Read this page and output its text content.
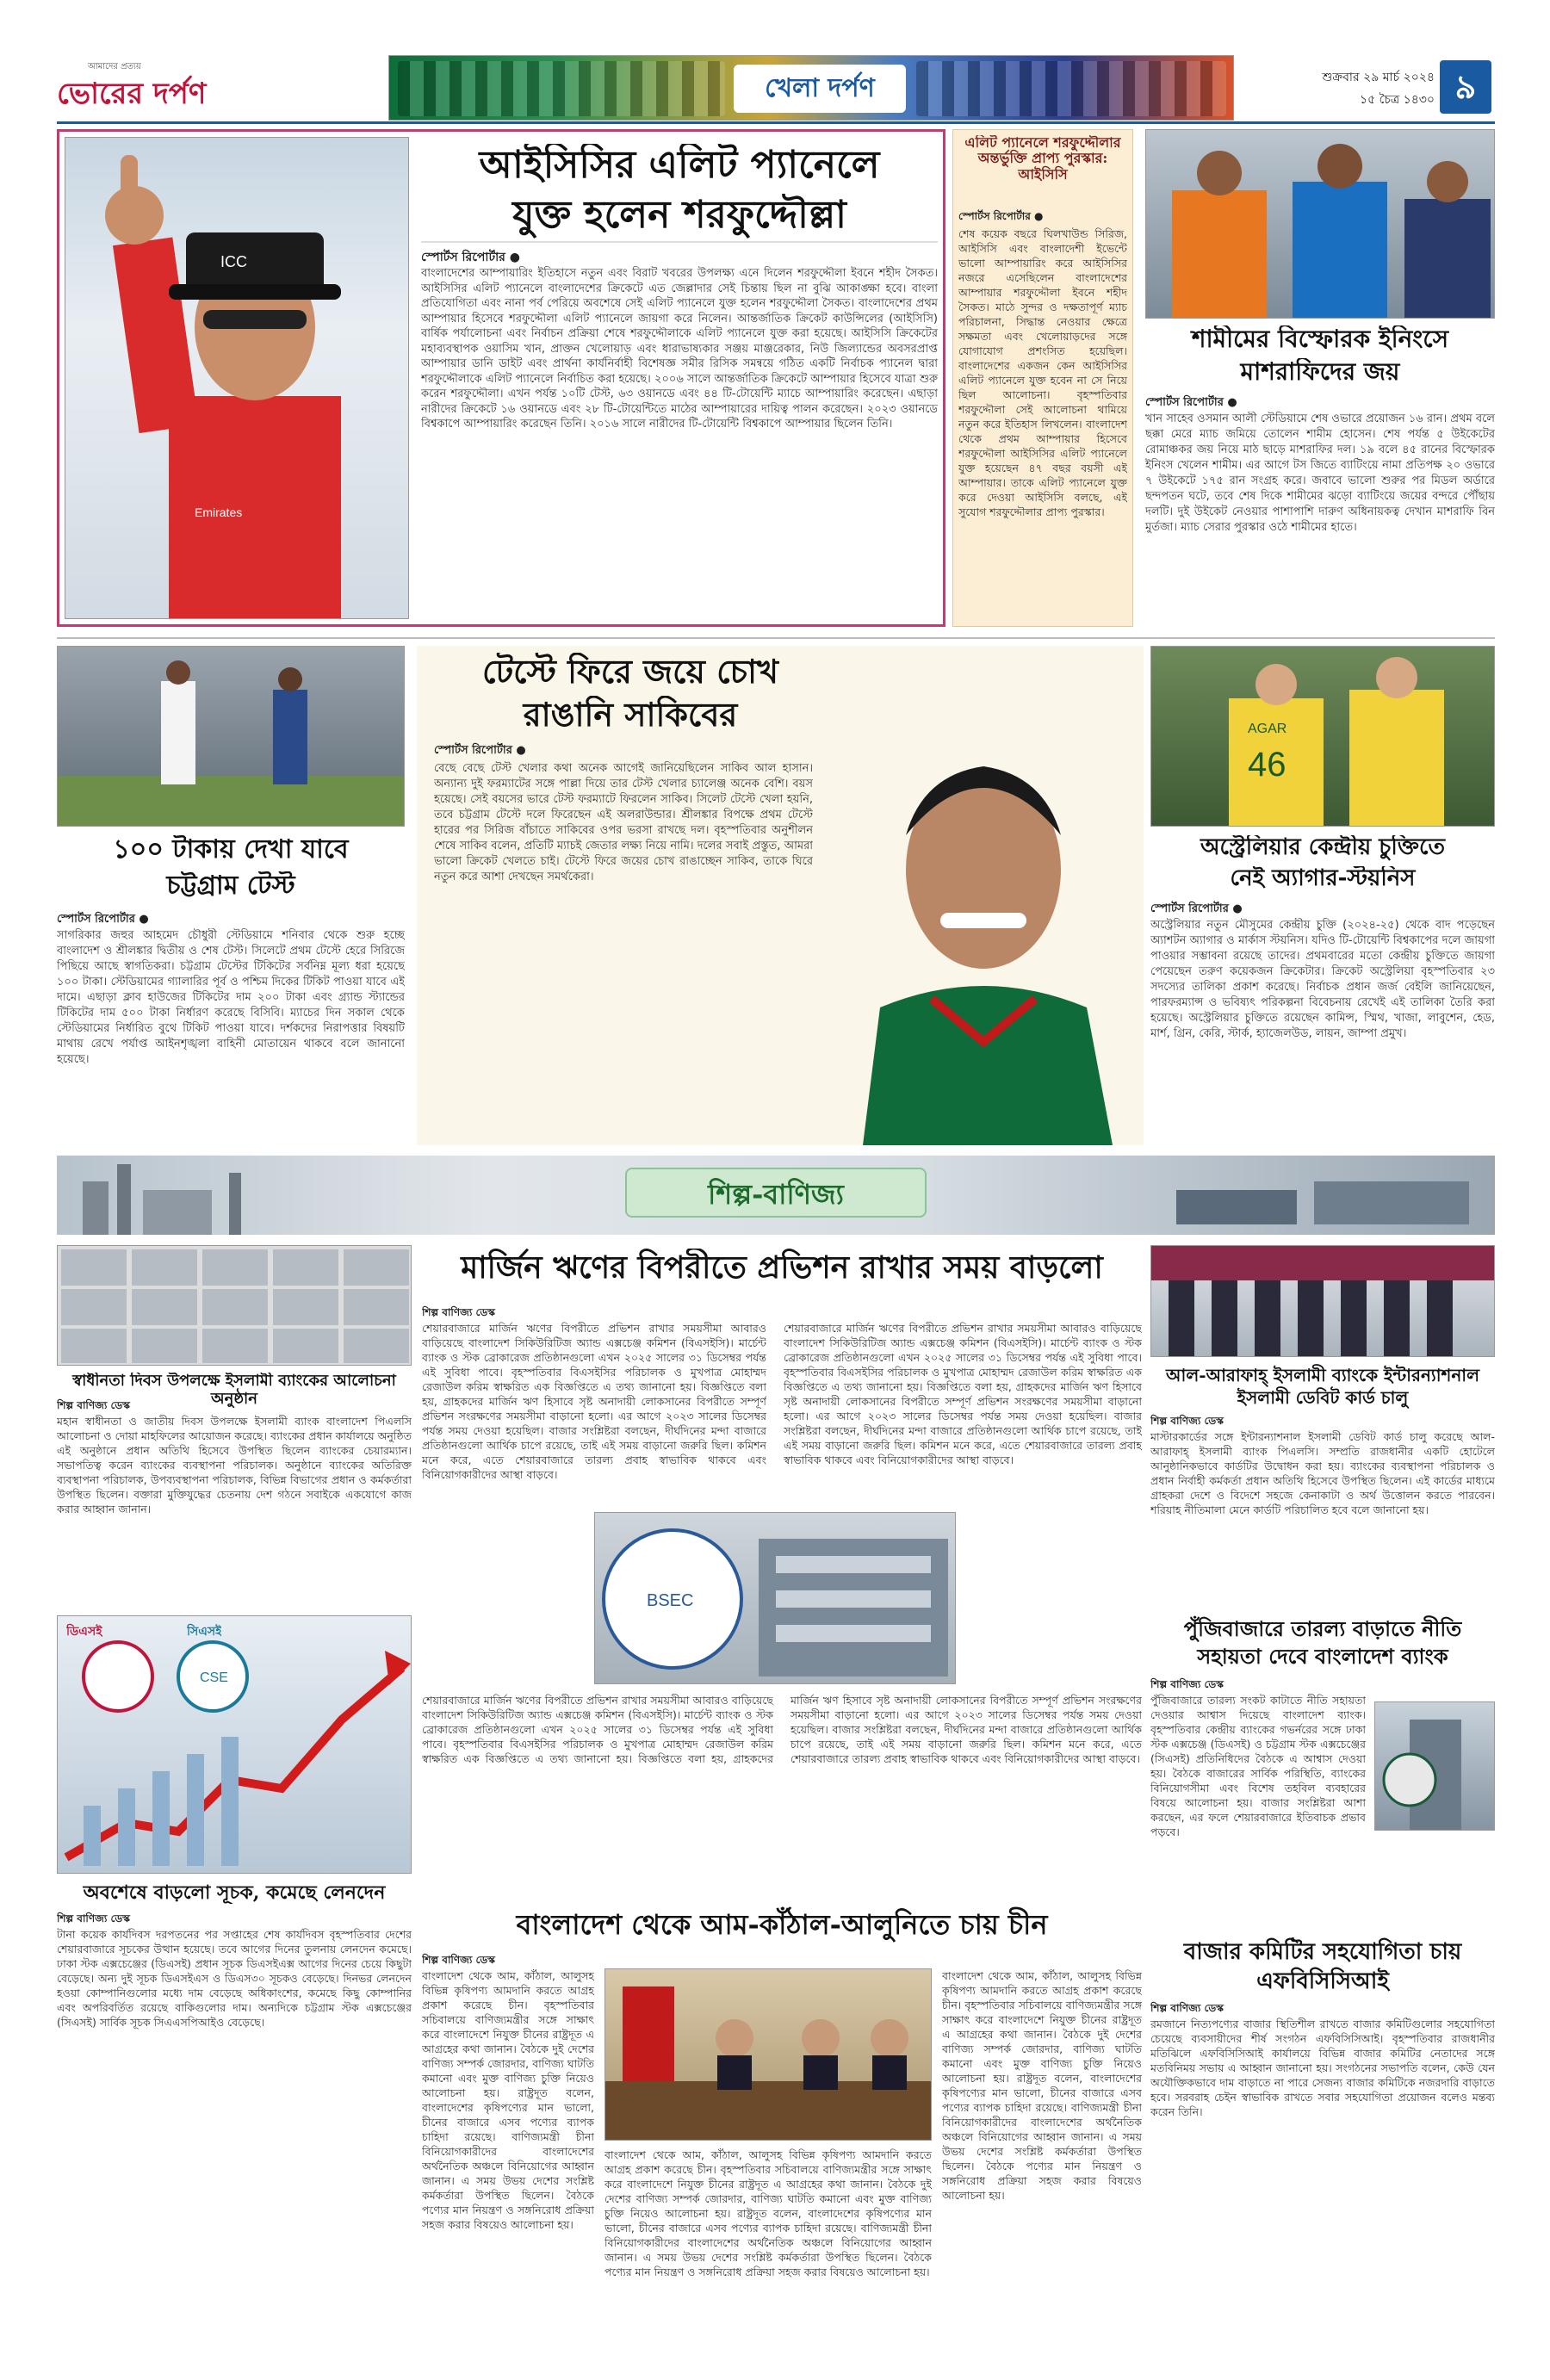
আমাদের প্রত্যয়
ভোরের দর্পণ	খেলা দর্পণ	শুক্রবার ২৯ মার্চ ২০২৪
১৫ চৈত্র ১৪৩০ ৯
ICC
Emirates
আইসিসির এলিট প্যানেলে
যুক্ত হলেন শরফুদ্দৌল্লা
স্পোর্টস রিপোর্টার ●
বাংলাদেশের আম্পায়ারিং ইতিহাসে নতুন এবং বিরাট খবরের উপলক্ষ্য এনে দিলেন শরফুদ্দৌলা ইবনে শহীদ সৈকত। আইসিসির এলিট প্যানেলে বাংলাদেশের ক্রিকেটে এত জেল্লাদার সেই চিন্তায় ছিল না বুঝি আকাঙ্ক্ষা হবে। বাংলা প্রতিযোগিতা এবং নানা পর্ব পেরিয়ে অবশেষে সেই এলিট প্যানেলে যুক্ত হলেন শরফুদ্দৌলা সৈকত। বাংলাদেশের প্রথম আম্পায়ার হিসেবে শরফুদ্দৌলা এলিট প্যানেলে জায়গা করে নিলেন। আন্তর্জাতিক ক্রিকেট কাউন্সিলের (আইসিসি) বার্ষিক পর্যালোচনা এবং নির্বাচন প্রক্রিয়া শেষে শরফুদ্দৌলাকে এলিট প্যানেলে যুক্ত করা হয়েছে। আইসিসি ক্রিকেটের মহাব্যবস্থাপক ওয়াসিম খান, প্রাক্তন খেলোয়াড় এবং ধারাভাষ্যকার সঞ্জয় মাঞ্জরেকার, নিউ জিল্যান্ডের অবসরপ্রাপ্ত আম্পায়ার ডানি ডাইট এবং প্রার্থনা কার্যনির্বাহী বিশেষজ্ঞ সমীর রিসিক সমন্বয়ে গঠিত একটি নির্বাচক প্যানেল দ্বারা শরফুদ্দৌলাকে এলিট প্যানেলে নির্বাচিত করা হয়েছে। ২০০৬ সালে আন্তর্জাতিক ক্রিকেটে আম্পায়ার হিসেবে যাত্রা শুরু করেন শরফুদ্দৌলা। এখন পর্যন্ত ১০টি টেস্ট, ৬৩ ওয়ানডে এবং ৪৪ টি-টোয়েন্টি ম্যাচে আম্পায়ারিং করেছেন। এছাড়া নারীদের ক্রিকেটে ১৬ ওয়ানডে এবং ২৮ টি-টোয়েন্টিতে মাঠের আম্পায়ারের দায়িত্ব পালন করেছেন। ২০২৩ ওয়ানডে বিশ্বকাপে আম্পায়ারিং করেছেন তিনি। ২০১৬ সালে নারীদের টি-টোয়েন্টি বিশ্বকাপে আম্পায়ার ছিলেন তিনি।
এলিট প্যানেলে শরফুদ্দৌলার অন্তর্ভুক্তি প্রাপ্য পুরস্কার: আইসিসি
স্পোর্টস রিপোর্টার ●
শেষ কয়েক বছরে ঘিলখাউন্ড সিরিজ, আইসিসি এবং বাংলাদেশী ইভেন্টে ভালো আম্পায়ারিং করে আইসিসির নজরে এসেছিলেন বাংলাদেশের আম্পায়ার শরফুদ্দৌলা ইবনে শহীদ সৈকত। মাঠে সুন্দর ও দক্ষতাপূর্ণ ম্যাচ পরিচালনা, সিদ্ধান্ত নেওয়ার ক্ষেত্রে সক্ষমতা এবং খেলোয়াড়দের সঙ্গে যোগাযোগ প্রশংসিত হয়েছিল। বাংলাদেশের একজন কেন আইসিসির এলিট প্যানেলে যুক্ত হবেন না সে নিয়ে ছিল আলোচনা। বৃহস্পতিবার শরফুদ্দৌলা সেই আলোচনা থামিয়ে নতুন করে ইতিহাস লিখলেন। বাংলাদেশ থেকে প্রথম আম্পায়ার হিসেবে শরফুদ্দৌলা আইসিসির এলিট প্যানেলে যুক্ত হয়েছেন ৪৭ বছর বয়সী এই আম্পায়ার। তাকে এলিট প্যানেলে যুক্ত করে দেওয়া আইসিসি বলছে, এই সুযোগ শরফুদ্দৌলার প্রাপ্য পুরস্কার।
শামীমের বিস্ফোরক ইনিংসে
মাশরাফিদের জয়
স্পোর্টস রিপোর্টার ●
খান সাহেব ওসমান আলী স্টেডিয়ামে শেষ ওভারে প্রয়োজন ১৬ রান। প্রথম বলে ছক্কা মেরে ম্যাচ জমিয়ে তোলেন শামীম হোসেন। শেষ পর্যন্ত ৫ উইকেটের রোমাঞ্চকর জয় নিয়ে মাঠ ছাড়ে মাশরাফির দল। ১৯ বলে ৪৫ রানের বিস্ফোরক ইনিংস খেলেন শামীম। এর আগে টস জিতে ব্যাটিংয়ে নামা প্রতিপক্ষ ২০ ওভারে ৭ উইকেটে ১৭৫ রান সংগ্রহ করে। জবাবে ভালো শুরুর পর মিডল অর্ডারে ছন্দপতন ঘটে, তবে শেষ দিকে শামীমের ঝড়ো ব্যাটিংয়ে জয়ের বন্দরে পৌঁছায় দলটি। দুই উইকেট নেওয়ার পাশাপাশি দারুণ অধিনায়কত্ব দেখান মাশরাফি বিন মুর্তজা। ম্যাচ সেরার পুরস্কার ওঠে শামীমের হাতে।
১০০ টাকায় দেখা যাবে
চট্টগ্রাম টেস্ট
স্পোর্টস রিপোর্টার ●
সাগরিকার জহুর আহমেদ চৌধুরী স্টেডিয়ামে শনিবার থেকে শুরু হচ্ছে বাংলাদেশ ও শ্রীলঙ্কার দ্বিতীয় ও শেষ টেস্ট। সিলেটে প্রথম টেস্টে হেরে সিরিজে পিছিয়ে আছে স্বাগতিকরা। চট্টগ্রাম টেস্টের টিকিটের সর্বনিম্ন মূল্য ধরা হয়েছে ১০০ টাকা। স্টেডিয়ামের গ্যালারির পূর্ব ও পশ্চিম দিকের টিকিট পাওয়া যাবে এই দামে। এছাড়া ক্লাব হাউজের টিকিটের দাম ২০০ টাকা এবং গ্র্যান্ড স্ট্যান্ডের টিকিটের দাম ৫০০ টাকা নির্ধারণ করেছে বিসিবি। ম্যাচের দিন সকাল থেকে স্টেডিয়ামের নির্ধারিত বুথে টিকিট পাওয়া যাবে। দর্শকদের নিরাপত্তার বিষয়টি মাথায় রেখে পর্যাপ্ত আইনশৃঙ্খলা বাহিনী মোতায়েন থাকবে বলে জানানো হয়েছে।
টেস্টে ফিরে জয়ে চোখ
রাঙানি সাকিবের
স্পোর্টস রিপোর্টার ●
বেছে বেছে টেস্ট খেলার কথা অনেক আগেই জানিয়েছিলেন সাকিব আল হাসান। অন্যান্য দুই ফরম্যাটের সঙ্গে পাল্লা দিয়ে তার টেস্ট খেলার চ্যালেঞ্জ অনেক বেশি। বয়স হয়েছে। সেই বয়সের ভারে টেস্ট ফরম্যাটে ফিরলেন সাকিব। সিলেট টেস্টে খেলা হয়নি, তবে চট্টগ্রাম টেস্টে দলে ফিরেছেন এই অলরাউন্ডার। শ্রীলঙ্কার বিপক্ষে প্রথম টেস্টে হারের পর সিরিজ বাঁচাতে সাকিবের ওপর ভরসা রাখছে দল। বৃহস্পতিবার অনুশীলন শেষে সাকিব বলেন, প্রতিটি ম্যাচই জেতার লক্ষ্য নিয়ে নামি। দলের সবাই প্রস্তুত, আমরা ভালো ক্রিকেট খেলতে চাই। টেস্টে ফিরে জয়ের চোখ রাঙাচ্ছেন সাকিব, তাকে ঘিরে নতুন করে আশা দেখছেন সমর্থকেরা।
46
AGAR
অস্ট্রেলিয়ার কেন্দ্রীয় চুক্তিতে
নেই অ্যাগার-স্টয়নিস
স্পোর্টস রিপোর্টার ●
অস্ট্রেলিয়ার নতুন মৌসুমের কেন্দ্রীয় চুক্তি (২০২৪-২৫) থেকে বাদ পড়েছেন অ্যাশটন অ্যাগার ও মার্কাস স্টয়নিস। যদিও টি-টোয়েন্টি বিশ্বকাপের দলে জায়গা পাওয়ার সম্ভাবনা রয়েছে তাদের। প্রথমবারের মতো কেন্দ্রীয় চুক্তিতে জায়গা পেয়েছেন তরুণ কয়েকজন ক্রিকেটার। ক্রিকেট অস্ট্রেলিয়া বৃহস্পতিবার ২৩ সদস্যের তালিকা প্রকাশ করেছে। নির্বাচক প্রধান জর্জ বেইলি জানিয়েছেন, পারফরম্যান্স ও ভবিষ্যৎ পরিকল্পনা বিবেচনায় রেখেই এই তালিকা তৈরি করা হয়েছে। অস্ট্রেলিয়ার চুক্তিতে রয়েছেন কামিন্স, স্মিথ, খাজা, লাবুশেন, হেড, মার্শ, গ্রিন, কেরি, স্টার্ক, হ্যাজেলউড, লায়ন, জাম্পা প্রমুখ।
শিল্প-বাণিজ্য
স্বাধীনতা দিবস উপলক্ষে ইসলামী ব্যাংকের আলোচনা অনুষ্ঠান
শিল্প বাণিজ্য ডেস্ক
মহান স্বাধীনতা ও জাতীয় দিবস উপলক্ষে ইসলামী ব্যাংক বাংলাদেশ পিএলসি আলোচনা ও দোয়া মাহফিলের আয়োজন করেছে। ব্যাংকের প্রধান কার্যালয়ে অনুষ্ঠিত এই অনুষ্ঠানে প্রধান অতিথি হিসেবে উপস্থিত ছিলেন ব্যাংকের চেয়ারম্যান। সভাপতিত্ব করেন ব্যাংকের ব্যবস্থাপনা পরিচালক। অনুষ্ঠানে ব্যাংকের অতিরিক্ত ব্যবস্থাপনা পরিচালক, উপব্যবস্থাপনা পরিচালক, বিভিন্ন বিভাগের প্রধান ও কর্মকর্তারা উপস্থিত ছিলেন। বক্তারা মুক্তিযুদ্ধের চেতনায় দেশ গঠনে সবাইকে একযোগে কাজ করার আহ্বান জানান।
মার্জিন ঋণের বিপরীতে প্রভিশন রাখার সময় বাড়লো
শিল্প বাণিজ্য ডেস্ক
শেয়ারবাজারে মার্জিন ঋণের বিপরীতে প্রভিশন রাখার সময়সীমা আবারও বাড়িয়েছে বাংলাদেশ সিকিউরিটিজ অ্যান্ড এক্সচেঞ্জ কমিশন (বিএসইসি)। মার্চেন্ট ব্যাংক ও স্টক ব্রোকারেজ প্রতিষ্ঠানগুলো এখন ২০২৫ সালের ৩১ ডিসেম্বর পর্যন্ত এই সুবিধা পাবে। বৃহস্পতিবার বিএসইসির পরিচালক ও মুখপাত্র মোহাম্মদ রেজাউল করিম স্বাক্ষরিত এক বিজ্ঞপ্তিতে এ তথ্য জানানো হয়। বিজ্ঞপ্তিতে বলা হয়, গ্রাহকদের মার্জিন ঋণ হিসাবে সৃষ্ট অনাদায়ী লোকসানের বিপরীতে সম্পূর্ণ প্রভিশন সংরক্ষণের সময়সীমা বাড়ানো হলো। এর আগে ২০২৩ সালের ডিসেম্বর পর্যন্ত সময় দেওয়া হয়েছিল। বাজার সংশ্লিষ্টরা বলছেন, দীর্ঘদিনের মন্দা বাজারে প্রতিষ্ঠানগুলো আর্থিক চাপে রয়েছে, তাই এই সময় বাড়ানো জরুরি ছিল। কমিশন মনে করে, এতে শেয়ারবাজারে তারল্য প্রবাহ স্বাভাবিক থাকবে এবং বিনিয়োগকারীদের আস্থা বাড়বে।
BSEC
শেয়ারবাজারে মার্জিন ঋণের বিপরীতে প্রভিশন রাখার সময়সীমা আবারও বাড়িয়েছে বাংলাদেশ সিকিউরিটিজ অ্যান্ড এক্সচেঞ্জ কমিশন (বিএসইসি)। মার্চেন্ট ব্যাংক ও স্টক ব্রোকারেজ প্রতিষ্ঠানগুলো এখন ২০২৫ সালের ৩১ ডিসেম্বর পর্যন্ত এই সুবিধা পাবে। বৃহস্পতিবার বিএসইসির পরিচালক ও মুখপাত্র মোহাম্মদ রেজাউল করিম স্বাক্ষরিত এক বিজ্ঞপ্তিতে এ তথ্য জানানো হয়। বিজ্ঞপ্তিতে বলা হয়, গ্রাহকদের মার্জিন ঋণ হিসাবে সৃষ্ট অনাদায়ী লোকসানের বিপরীতে সম্পূর্ণ প্রভিশন সংরক্ষণের সময়সীমা বাড়ানো হলো। এর আগে ২০২৩ সালের ডিসেম্বর পর্যন্ত সময় দেওয়া হয়েছিল। বাজার সংশ্লিষ্টরা বলছেন, দীর্ঘদিনের মন্দা বাজারে প্রতিষ্ঠানগুলো আর্থিক চাপে রয়েছে, তাই এই সময় বাড়ানো জরুরি ছিল। কমিশন মনে করে, এতে শেয়ারবাজারে তারল্য প্রবাহ স্বাভাবিক থাকবে এবং বিনিয়োগকারীদের আস্থা বাড়বে।
শেয়ারবাজারে মার্জিন ঋণের বিপরীতে প্রভিশন রাখার সময়সীমা আবারও বাড়িয়েছে বাংলাদেশ সিকিউরিটিজ অ্যান্ড এক্সচেঞ্জ কমিশন (বিএসইসি)। মার্চেন্ট ব্যাংক ও স্টক ব্রোকারেজ প্রতিষ্ঠানগুলো এখন ২০২৫ সালের ৩১ ডিসেম্বর পর্যন্ত এই সুবিধা পাবে। বৃহস্পতিবার বিএসইসির পরিচালক ও মুখপাত্র মোহাম্মদ রেজাউল করিম স্বাক্ষরিত এক বিজ্ঞপ্তিতে এ তথ্য জানানো হয়। বিজ্ঞপ্তিতে বলা হয়, গ্রাহকদের মার্জিন ঋণ হিসাবে সৃষ্ট অনাদায়ী লোকসানের বিপরীতে সম্পূর্ণ প্রভিশন সংরক্ষণের সময়সীমা বাড়ানো হলো। এর আগে ২০২৩ সালের ডিসেম্বর পর্যন্ত সময় দেওয়া হয়েছিল। বাজার সংশ্লিষ্টরা বলছেন, দীর্ঘদিনের মন্দা বাজারে প্রতিষ্ঠানগুলো আর্থিক চাপে রয়েছে, তাই এই সময় বাড়ানো জরুরি ছিল। কমিশন মনে করে, এতে শেয়ারবাজারে তারল্য প্রবাহ স্বাভাবিক থাকবে এবং বিনিয়োগকারীদের আস্থা বাড়বে।
আল-আরাফাহ্ ইসলামী ব্যাংকে ইন্টারন্যাশনাল ইসলামী ডেবিট কার্ড চালু
শিল্প বাণিজ্য ডেস্ক
মাস্টারকার্ডের সঙ্গে ইন্টারন্যাশনাল ইসলামী ডেবিট কার্ড চালু করেছে আল-আরাফাহ্ ইসলামী ব্যাংক পিএলসি। সম্প্রতি রাজধানীর একটি হোটেলে আনুষ্ঠানিকভাবে কার্ডটির উদ্বোধন করা হয়। ব্যাংকের ব্যবস্থাপনা পরিচালক ও প্রধান নির্বাহী কর্মকর্তা প্রধান অতিথি হিসেবে উপস্থিত ছিলেন। এই কার্ডের মাধ্যমে গ্রাহকরা দেশে ও বিদেশে সহজে কেনাকাটা ও অর্থ উত্তোলন করতে পারবেন। শরিয়াহ নীতিমালা মেনে কার্ডটি পরিচালিত হবে বলে জানানো হয়।
CSE
ডিএসই	সিএসই
অবশেষে বাড়লো সূচক, কমেছে লেনদেন
শিল্প বাণিজ্য ডেস্ক
টানা কয়েক কার্যদিবস দরপতনের পর সপ্তাহের শেষ কার্যদিবস বৃহস্পতিবার দেশের শেয়ারবাজারে সূচকের উত্থান হয়েছে। তবে আগের দিনের তুলনায় লেনদেন কমেছে। ঢাকা স্টক এক্সচেঞ্জের (ডিএসই) প্রধান সূচক ডিএসইএক্স আগের দিনের চেয়ে কিছুটা বেড়েছে। অন্য দুই সূচক ডিএসইএস ও ডিএস৩০ সূচকও বেড়েছে। দিনভর লেনদেন হওয়া কোম্পানিগুলোর মধ্যে দাম বেড়েছে অধিকাংশের, কমেছে কিছু কোম্পানির এবং অপরিবর্তিত রয়েছে বাকিগুলোর দাম। অন্যদিকে চট্টগ্রাম স্টক এক্সচেঞ্জের (সিএসই) সার্বিক সূচক সিএএসপিআইও বেড়েছে।
পুঁজিবাজারে তারল্য বাড়াতে নীতি সহায়তা দেবে বাংলাদেশ ব্যাংক
শিল্প বাণিজ্য ডেস্ক
পুঁজিবাজারে তারল্য সংকট কাটাতে নীতি সহায়তা দেওয়ার আশ্বাস দিয়েছে বাংলাদেশ ব্যাংক। বৃহস্পতিবার কেন্দ্রীয় ব্যাংকের গভর্নরের সঙ্গে ঢাকা স্টক এক্সচেঞ্জ (ডিএসই) ও চট্টগ্রাম স্টক এক্সচেঞ্জের (সিএসই) প্রতিনিধিদের বৈঠকে এ আশ্বাস দেওয়া হয়। বৈঠকে বাজারের সার্বিক পরিস্থিতি, ব্যাংকের বিনিয়োগসীমা এবং বিশেষ তহবিল ব্যবহারের বিষয়ে আলোচনা হয়। বাজার সংশ্লিষ্টরা আশা করছেন, এর ফলে শেয়ারবাজারে ইতিবাচক প্রভাব পড়বে।
বাজার কমিটির সহযোগিতা চায় এফবিসিসিআই
শিল্প বাণিজ্য ডেস্ক
রমজানে নিত্যপণ্যের বাজার স্থিতিশীল রাখতে বাজার কমিটিগুলোর সহযোগিতা চেয়েছে ব্যবসায়ীদের শীর্ষ সংগঠন এফবিসিসিআই। বৃহস্পতিবার রাজধানীর মতিঝিলে এফবিসিসিআই কার্যালয়ে বিভিন্ন বাজার কমিটির নেতাদের সঙ্গে মতবিনিময় সভায় এ আহ্বান জানানো হয়। সংগঠনের সভাপতি বলেন, কেউ যেন অযৌক্তিকভাবে দাম বাড়াতে না পারে সেজন্য বাজার কমিটিকে নজরদারি বাড়াতে হবে। সরবরাহ চেইন স্বাভাবিক রাখতে সবার সহযোগিতা প্রয়োজন বলেও মন্তব্য করেন তিনি।
বাংলাদেশ থেকে আম-কাঁঠাল-আলুনিতে চায় চীন
শিল্প বাণিজ্য ডেস্ক
বাংলাদেশ থেকে আম, কাঁঠাল, আলুসহ বিভিন্ন কৃষিপণ্য আমদানি করতে আগ্রহ প্রকাশ করেছে চীন। বৃহস্পতিবার সচিবালয়ে বাণিজ্যমন্ত্রীর সঙ্গে সাক্ষাৎ করে বাংলাদেশে নিযুক্ত চীনের রাষ্ট্রদূত এ আগ্রহের কথা জানান। বৈঠকে দুই দেশের বাণিজ্য সম্পর্ক জোরদার, বাণিজ্য ঘাটতি কমানো এবং মুক্ত বাণিজ্য চুক্তি নিয়েও আলোচনা হয়। রাষ্ট্রদূত বলেন, বাংলাদেশের কৃষিপণ্যের মান ভালো, চীনের বাজারে এসব পণ্যের ব্যাপক চাহিদা রয়েছে। বাণিজ্যমন্ত্রী চীনা বিনিয়োগকারীদের বাংলাদেশের অর্থনৈতিক অঞ্চলে বিনিয়োগের আহ্বান জানান। এ সময় উভয় দেশের সংশ্লিষ্ট কর্মকর্তারা উপস্থিত ছিলেন। বৈঠকে পণ্যের মান নিয়ন্ত্রণ ও সঙ্গনিরোধ প্রক্রিয়া সহজ করার বিষয়েও আলোচনা হয়।
বাংলাদেশ থেকে আম, কাঁঠাল, আলুসহ বিভিন্ন কৃষিপণ্য আমদানি করতে আগ্রহ প্রকাশ করেছে চীন। বৃহস্পতিবার সচিবালয়ে বাণিজ্যমন্ত্রীর সঙ্গে সাক্ষাৎ করে বাংলাদেশে নিযুক্ত চীনের রাষ্ট্রদূত এ আগ্রহের কথা জানান। বৈঠকে দুই দেশের বাণিজ্য সম্পর্ক জোরদার, বাণিজ্য ঘাটতি কমানো এবং মুক্ত বাণিজ্য চুক্তি নিয়েও আলোচনা হয়। রাষ্ট্রদূত বলেন, বাংলাদেশের কৃষিপণ্যের মান ভালো, চীনের বাজারে এসব পণ্যের ব্যাপক চাহিদা রয়েছে। বাণিজ্যমন্ত্রী চীনা বিনিয়োগকারীদের বাংলাদেশের অর্থনৈতিক অঞ্চলে বিনিয়োগের আহ্বান জানান। এ সময় উভয় দেশের সংশ্লিষ্ট কর্মকর্তারা উপস্থিত ছিলেন। বৈঠকে পণ্যের মান নিয়ন্ত্রণ ও সঙ্গনিরোধ প্রক্রিয়া সহজ করার বিষয়েও আলোচনা হয়।
বাংলাদেশ থেকে আম, কাঁঠাল, আলুসহ বিভিন্ন কৃষিপণ্য আমদানি করতে আগ্রহ প্রকাশ করেছে চীন। বৃহস্পতিবার সচিবালয়ে বাণিজ্যমন্ত্রীর সঙ্গে সাক্ষাৎ করে বাংলাদেশে নিযুক্ত চীনের রাষ্ট্রদূত এ আগ্রহের কথা জানান। বৈঠকে দুই দেশের বাণিজ্য সম্পর্ক জোরদার, বাণিজ্য ঘাটতি কমানো এবং মুক্ত বাণিজ্য চুক্তি নিয়েও আলোচনা হয়। রাষ্ট্রদূত বলেন, বাংলাদেশের কৃষিপণ্যের মান ভালো, চীনের বাজারে এসব পণ্যের ব্যাপক চাহিদা রয়েছে। বাণিজ্যমন্ত্রী চীনা বিনিয়োগকারীদের বাংলাদেশের অর্থনৈতিক অঞ্চলে বিনিয়োগের আহ্বান জানান। এ সময় উভয় দেশের সংশ্লিষ্ট কর্মকর্তারা উপস্থিত ছিলেন। বৈঠকে পণ্যের মান নিয়ন্ত্রণ ও সঙ্গনিরোধ প্রক্রিয়া সহজ করার বিষয়েও আলোচনা হয়।
